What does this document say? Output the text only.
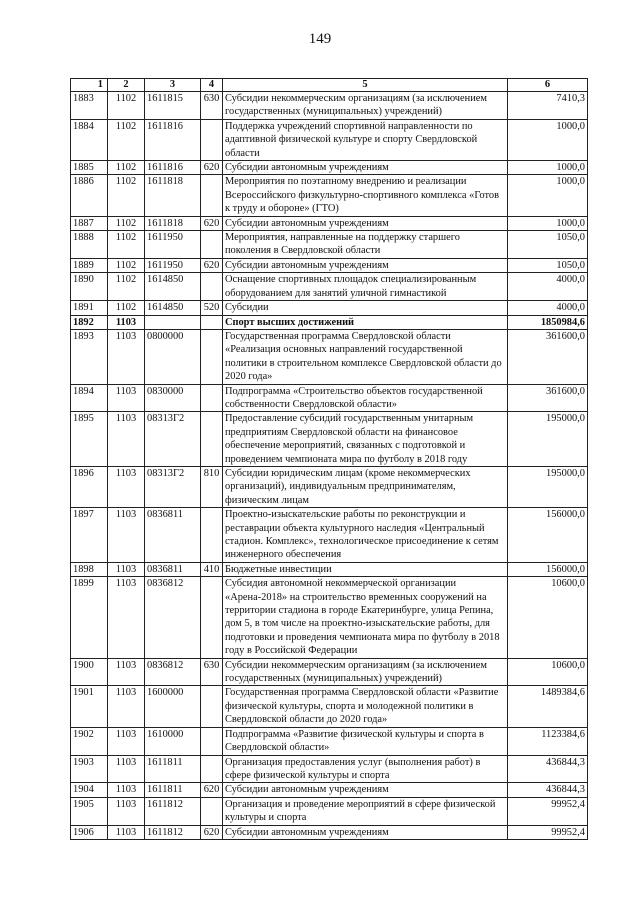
149
1	2	3	4	5	6
1883	1102	1611815	630	Субсидии некоммерческим организациям (за исключением государственных (муниципальных) учреждений)	7410,3
1884	1102	1611816		Поддержка учреждений спортивной направленности по адаптивной физической культуре и спорту Свердловской области	1000,0
1885	1102	1611816	620	Субсидии автономным учреждениям	1000,0
1886	1102	1611818		Мероприятия по поэтапному внедрению и реализации Всероссийского физкультурно-спортивного комплекса «Готов к труду и обороне» (ГТО)	1000,0
1887	1102	1611818	620	Субсидии автономным учреждениям	1000,0
1888	1102	1611950		Мероприятия, направленные на поддержку старшего поколения в Свердловской области	1050,0
1889	1102	1611950	620	Субсидии автономным учреждениям	1050,0
1890	1102	1614850		Оснащение спортивных площадок специализированным оборудованием для занятий уличной гимнастикой	4000,0
1891	1102	1614850	520	Субсидии	4000,0
1892	1103			Спорт высших достижений	1850984,6
1893	1103	0800000		Государственная программа Свердловской области «Реализация основных направлений государственной политики в строительном комплексе Свердловской области до 2020 года»	361600,0
1894	1103	0830000		Подпрограмма «Строительство объектов государственной собственности Свердловской области»	361600,0
1895	1103	08313Г2		Предоставление субсидий государственным унитарным предприятиям Свердловской области на финансовое обеспечение мероприятий, связанных с подготовкой и проведением чемпионата мира по футболу в 2018 году	195000,0
1896	1103	08313Г2	810	Субсидии юридическим лицам (кроме некоммерческих организаций), индивидуальным предпринимателям, физическим лицам	195000,0
1897	1103	0836811		Проектно-изыскательские работы по реконструкции и реставрации объекта культурного наследия «Центральный стадион. Комплекс», технологическое присоединение к сетям инженерного обеспечения	156000,0
1898	1103	0836811	410	Бюджетные инвестиции	156000,0
1899	1103	0836812		Субсидия автономной некоммерческой организации «Арена-2018» на строительство временных сооружений на территории стадиона в городе Екатеринбурге, улица Репина, дом 5, в том числе на проектно-изыскательские работы, для подготовки и проведения чемпионата мира по футболу в 2018 году в Российской Федерации	10600,0
1900	1103	0836812	630	Субсидии некоммерческим организациям (за исключением государственных (муниципальных) учреждений)	10600,0
1901	1103	1600000		Государственная программа Свердловской области «Развитие физической культуры, спорта и молодежной политики в Свердловской области до 2020 года»	1489384,6
1902	1103	1610000		Подпрограмма «Развитие физической культуры и спорта в Свердловской области»	1123384,6
1903	1103	1611811		Организация предоставления услуг (выполнения работ) в сфере физической культуры и спорта	436844,3
1904	1103	1611811	620	Субсидии автономным учреждениям	436844,3
1905	1103	1611812		Организация и проведение мероприятий в сфере физической культуры и спорта	99952,4
1906	1103	1611812	620	Субсидии автономным учреждениям	99952,4
